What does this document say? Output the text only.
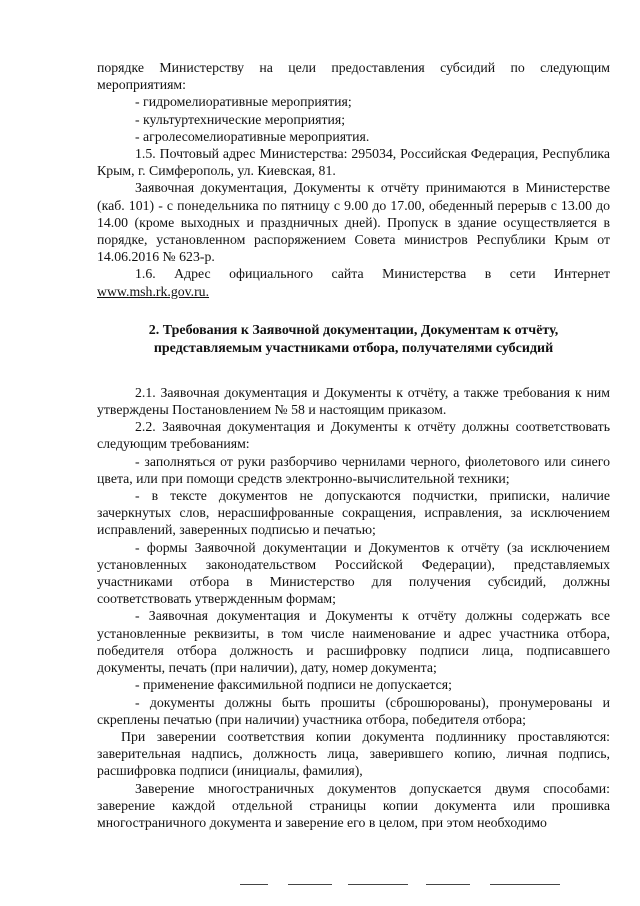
порядке Министерству на цели предоставления субсидий по следующим мероприятиям:

- гидромелиоративные мероприятия;

- культуртехнические мероприятия;

- агролесомелиоративные мероприятия.

1.5. Почтовый адрес Министерства: 295034, Российская Федерация, Республика Крым, г. Симферополь, ул. Киевская, 81.

Заявочная документация, Документы к отчёту принимаются в Министерстве (каб. 101) - с понедельника по пятницу с 9.00 до 17.00, обеденный перерыв с 13.00 до 14.00 (кроме выходных и праздничных дней). Пропуск в здание осуществляется в порядке, установленном распоряжением Совета министров Республики Крым от 14.06.2016 № 623-р.

1.6. Адрес официального сайта Министерства в сети Интернет www.msh.rk.gov.ru.

2. Требования к Заявочной документации, Документам к отчёту, представляемым участниками отбора, получателями субсидий

2.1. Заявочная документация и Документы к отчёту, а также требования к ним утверждены Постановлением № 58 и настоящим приказом.

2.2. Заявочная документация и Документы к отчёту должны соответствовать следующим требованиям:

- заполняться от руки разборчиво чернилами черного, фиолетового или синего цвета, или при помощи средств электронно-вычислительной техники;

- в тексте документов не допускаются подчистки, приписки, наличие зачеркнутых слов, нерасшифрованные сокращения, исправления, за исключением исправлений, заверенных подписью и печатью;

- формы Заявочной документации и Документов к отчёту (за исключением установленных законодательством Российской Федерации), представляемых участниками отбора в Министерство для получения субсидий, должны соответствовать утвержденным формам;

- Заявочная документация и Документы к отчёту должны содержать все установленные реквизиты, в том числе наименование и адрес участника отбора, победителя отбора должность и расшифровку подписи лица, подписавшего документы, печать (при наличии), дату, номер документа;

- применение факсимильной подписи не допускается;

- документы должны быть прошиты (сброшюрованы), пронумерованы и скреплены печатью (при наличии) участника отбора, победителя отбора;

При заверении соответствия копии документа подлиннику проставляются: заверительная надпись, должность лица, заверившего копию, личная подпись, расшифровка подписи (инициалы, фамилия),

Заверение многостраничных документов допускается двумя способами: заверение каждой отдельной страницы копии документа или прошивка многостраничного документа и заверение его в целом, при этом необходимо
